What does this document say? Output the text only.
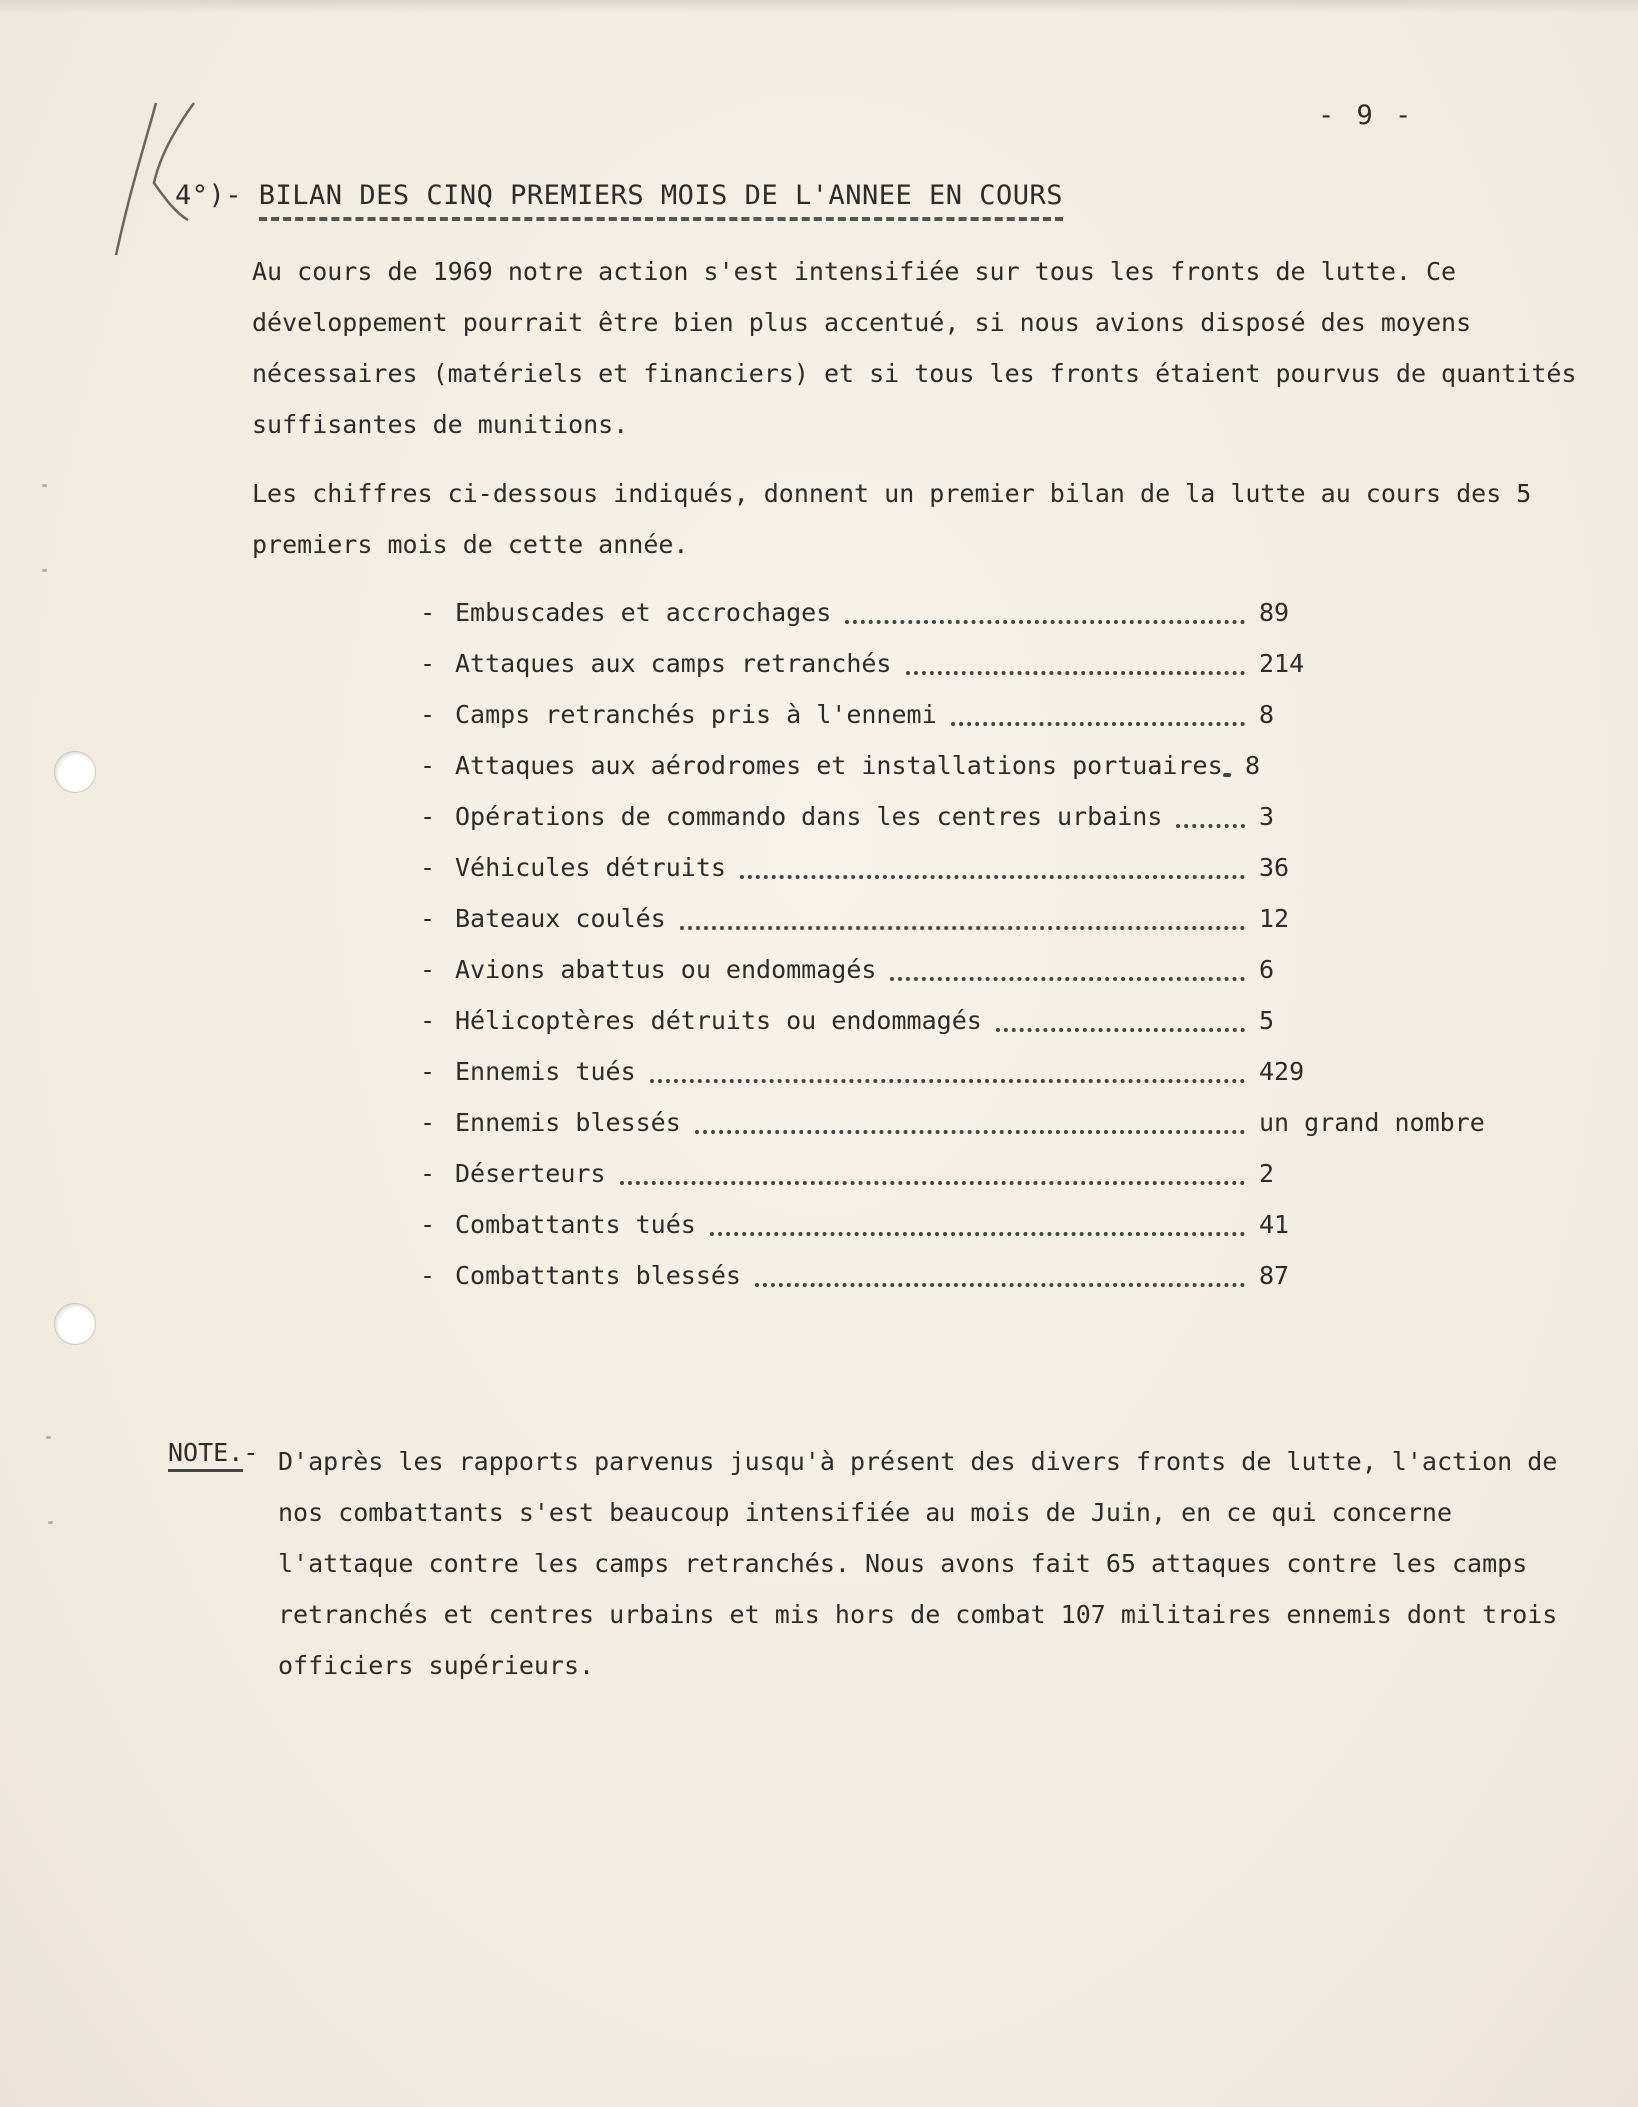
- 9 -
4°)- BILAN DES CINQ PREMIERS MOIS DE L'ANNEE EN COURS
Au cours de 1969 notre action s'est intensifiée sur tous les fronts de lutte. Ce développement pourrait être bien plus accentué, si nous avions disposé des moyens nécessaires (matériels et financiers) et si tous les fronts étaient pourvus de quantités suffisantes de munitions.
Les chiffres ci-dessous indiqués, donnent un premier bilan de la lutte au cours des 5 premiers mois de cette année.
- Embuscades et accrochages	89
- Attaques aux camps retranchés	214
- Camps retranchés pris à l'ennemi	8
- Attaques aux aérodromes et installations portuaires 8
- Opérations de commando dans les centres urbains	3
- Véhicules détruits	36
- Bateaux coulés	12
- Avions abattus ou endommagés	6
- Hélicoptères détruits ou endommagés	5
- Ennemis tués	429
- Ennemis blessés	un grand nombre
- Déserteurs	2
- Combattants tués	41
- Combattants blessés	87
NOTE.- D'après les rapports parvenus jusqu'à présent des divers fronts de lutte, l'action de nos combattants s'est beaucoup intensifiée au mois de Juin, en ce qui concerne l'attaque contre les camps retranchés. Nous avons fait 65 attaques contre les camps retranchés et centres urbains et mis hors de combat 107 militaires ennemis dont trois officiers supérieurs.
